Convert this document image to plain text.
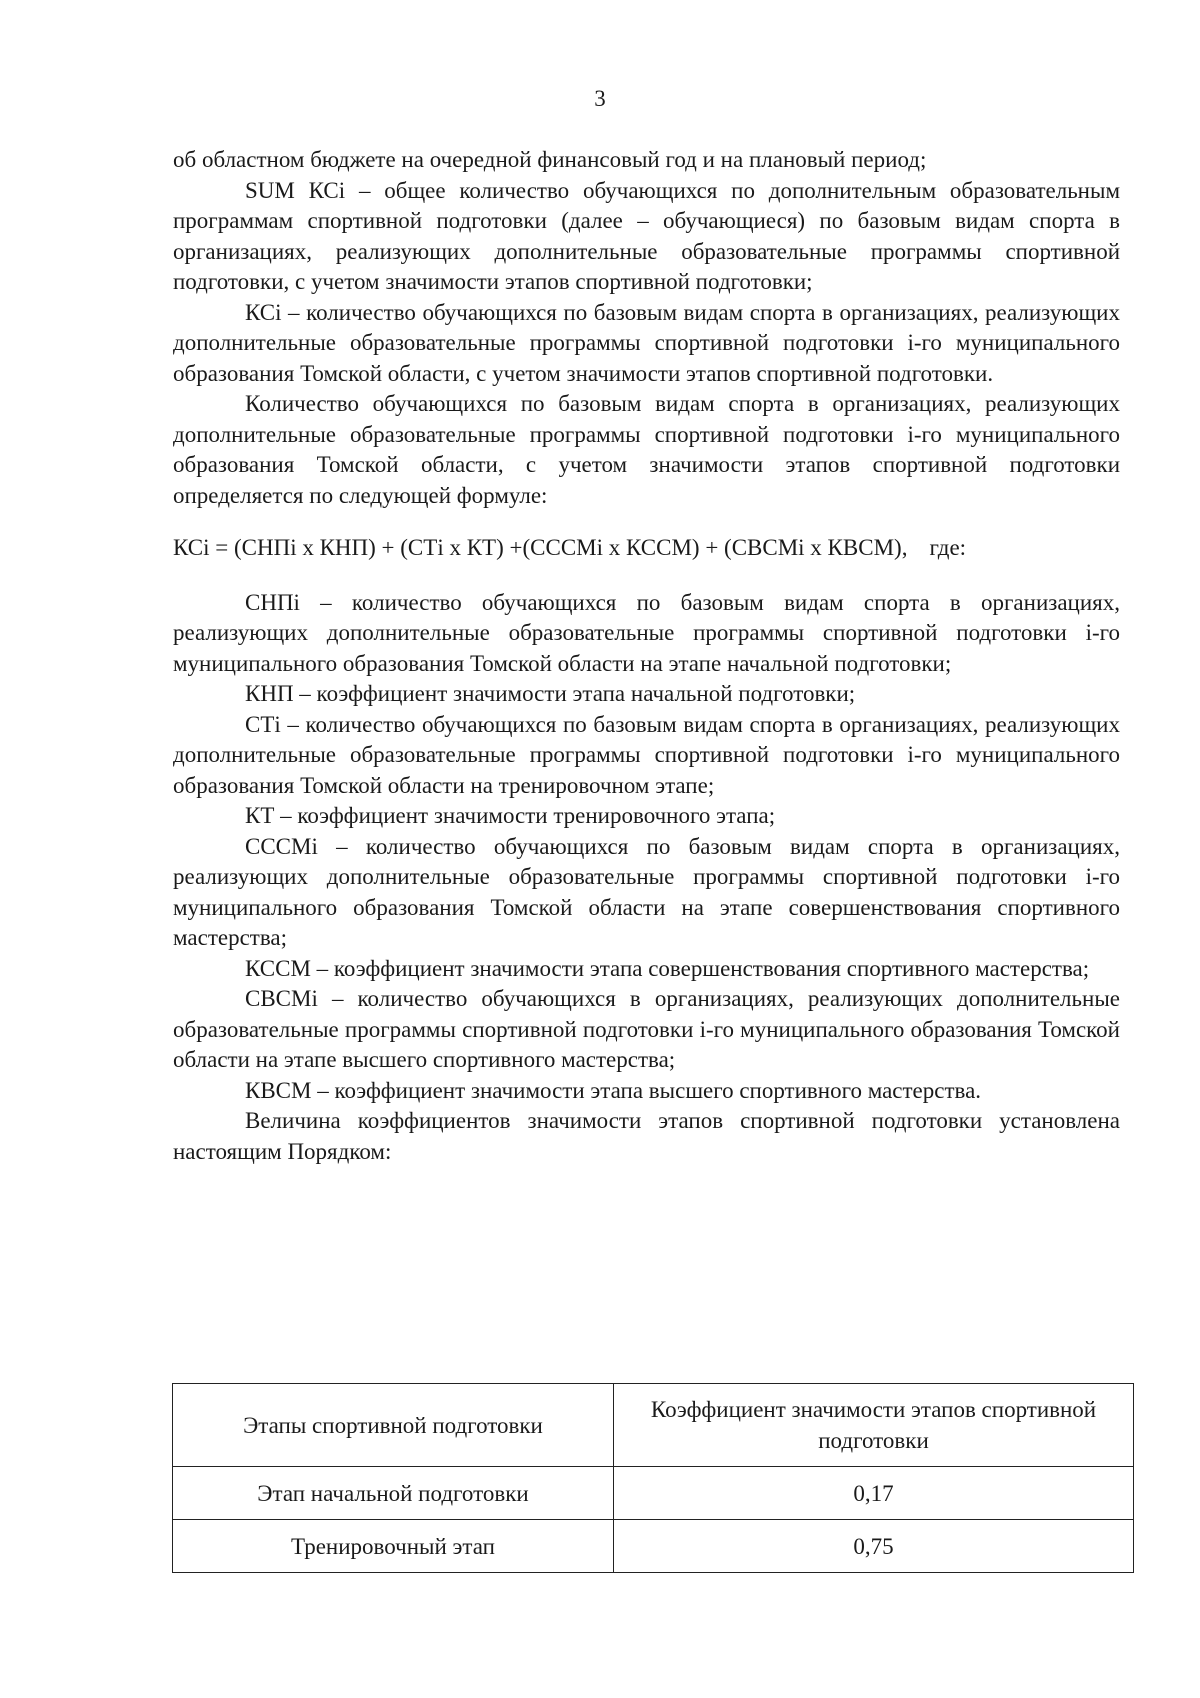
3

об областном бюджете на очередной финансовый год и на плановый период;

SUM КСi – общее количество обучающихся по дополнительным образовательным программам спортивной подготовки (далее – обучающиеся) по базовым видам спорта в организациях, реализующих дополнительные образовательные программы спортивной подготовки, с учетом значимости этапов спортивной подготовки;

КСi – количество обучающихся по базовым видам спорта в организациях, реализующих дополнительные образовательные программы спортивной подготовки i-го муниципального образования Томской области, с учетом значимости этапов спортивной подготовки.

Количество обучающихся по базовым видам спорта в организациях, реализующих дополнительные образовательные программы спортивной подготовки i-го муниципального образования Томской области, с учетом значимости этапов спортивной подготовки определяется по следующей формуле:

КСi = (СНПi x КНП) + (СТi x КТ) +(СССМi x КССМ) + (СВСМi x КВСМ), где:

СНПi – количество обучающихся по базовым видам спорта в организациях, реализующих дополнительные образовательные программы спортивной подготовки i-го муниципального образования Томской области на этапе начальной подготовки;

КНП – коэффициент значимости этапа начальной подготовки;

СТi – количество обучающихся по базовым видам спорта в организациях, реализующих дополнительные образовательные программы спортивной подготовки i-го муниципального образования Томской области на тренировочном этапе;

КТ – коэффициент значимости тренировочного этапа;

СССМi – количество обучающихся по базовым видам спорта в организациях, реализующих дополнительные образовательные программы спортивной подготовки i-го муниципального образования Томской области на этапе совершенствования спортивного мастерства;

КССМ – коэффициент значимости этапа совершенствования спортивного мастерства;

СВСМi – количество обучающихся в организациях, реализующих дополнительные образовательные программы спортивной подготовки i-го муниципального образования Томской области на этапе высшего спортивного мастерства;

КВСМ – коэффициент значимости этапа высшего спортивного мастерства.

Величина коэффициентов значимости этапов спортивной подготовки установлена настоящим Порядком:

Этапы спортивной подготовки	Коэффициент значимости этапов спортивной подготовки
Этап начальной подготовки	0,17
Тренировочный этап	0,75
